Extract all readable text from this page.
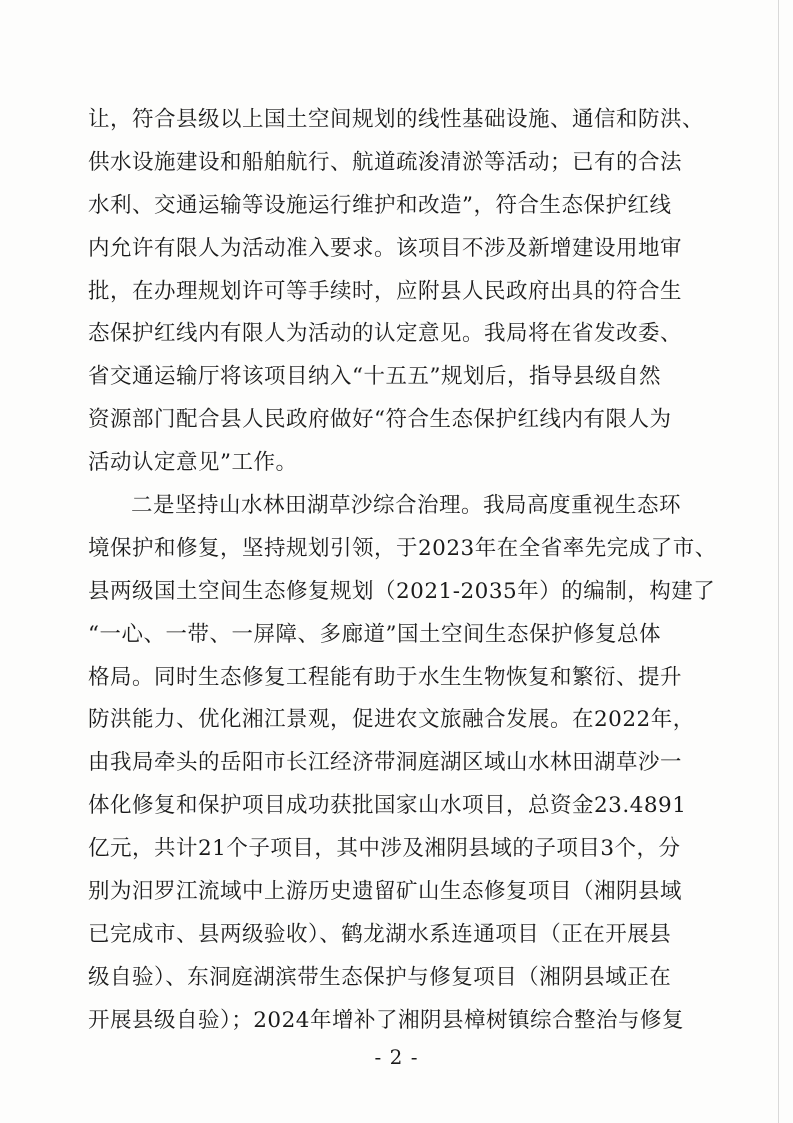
让，符合县级以上国土空间规划的线性基础设施、通信和防洪、
供水设施建设和船舶航行、航道疏浚清淤等活动；已有的合法
水利、交通运输等设施运行维护和改造”，符合生态保护红线
内允许有限人为活动准入要求。该项目不涉及新增建设用地审
批，在办理规划许可等手续时，应附县人民政府出具的符合生
态保护红线内有限人为活动的认定意见。我局将在省发改委、
省交通运输厅将该项目纳入“十五五”规划后，指导县级自然
资源部门配合县人民政府做好“符合生态保护红线内有限人为
活动认定意见”工作。
二是坚持山水林田湖草沙综合治理。我局高度重视生态环
境保护和修复，坚持规划引领，于2023年在全省率先完成了市、
县两级国土空间生态修复规划（2021-2035年）的编制，构建了
“一心、一带、一屏障、多廊道”国土空间生态保护修复总体
格局。同时生态修复工程能有助于水生生物恢复和繁衍、提升
防洪能力、优化湘江景观，促进农文旅融合发展。在2022年，
由我局牵头的岳阳市长江经济带洞庭湖区域山水林田湖草沙一
体化修复和保护项目成功获批国家山水项目，总资金23.4891
亿元，共计21个子项目，其中涉及湘阴县域的子项目3个，分
别为汨罗江流域中上游历史遗留矿山生态修复项目（湘阴县域
已完成市、县两级验收）、鹤龙湖水系连通项目（正在开展县
级自验）、东洞庭湖滨带生态保护与修复项目（湘阴县域正在
开展县级自验）；2024年增补了湘阴县樟树镇综合整治与修复
- 2 -
